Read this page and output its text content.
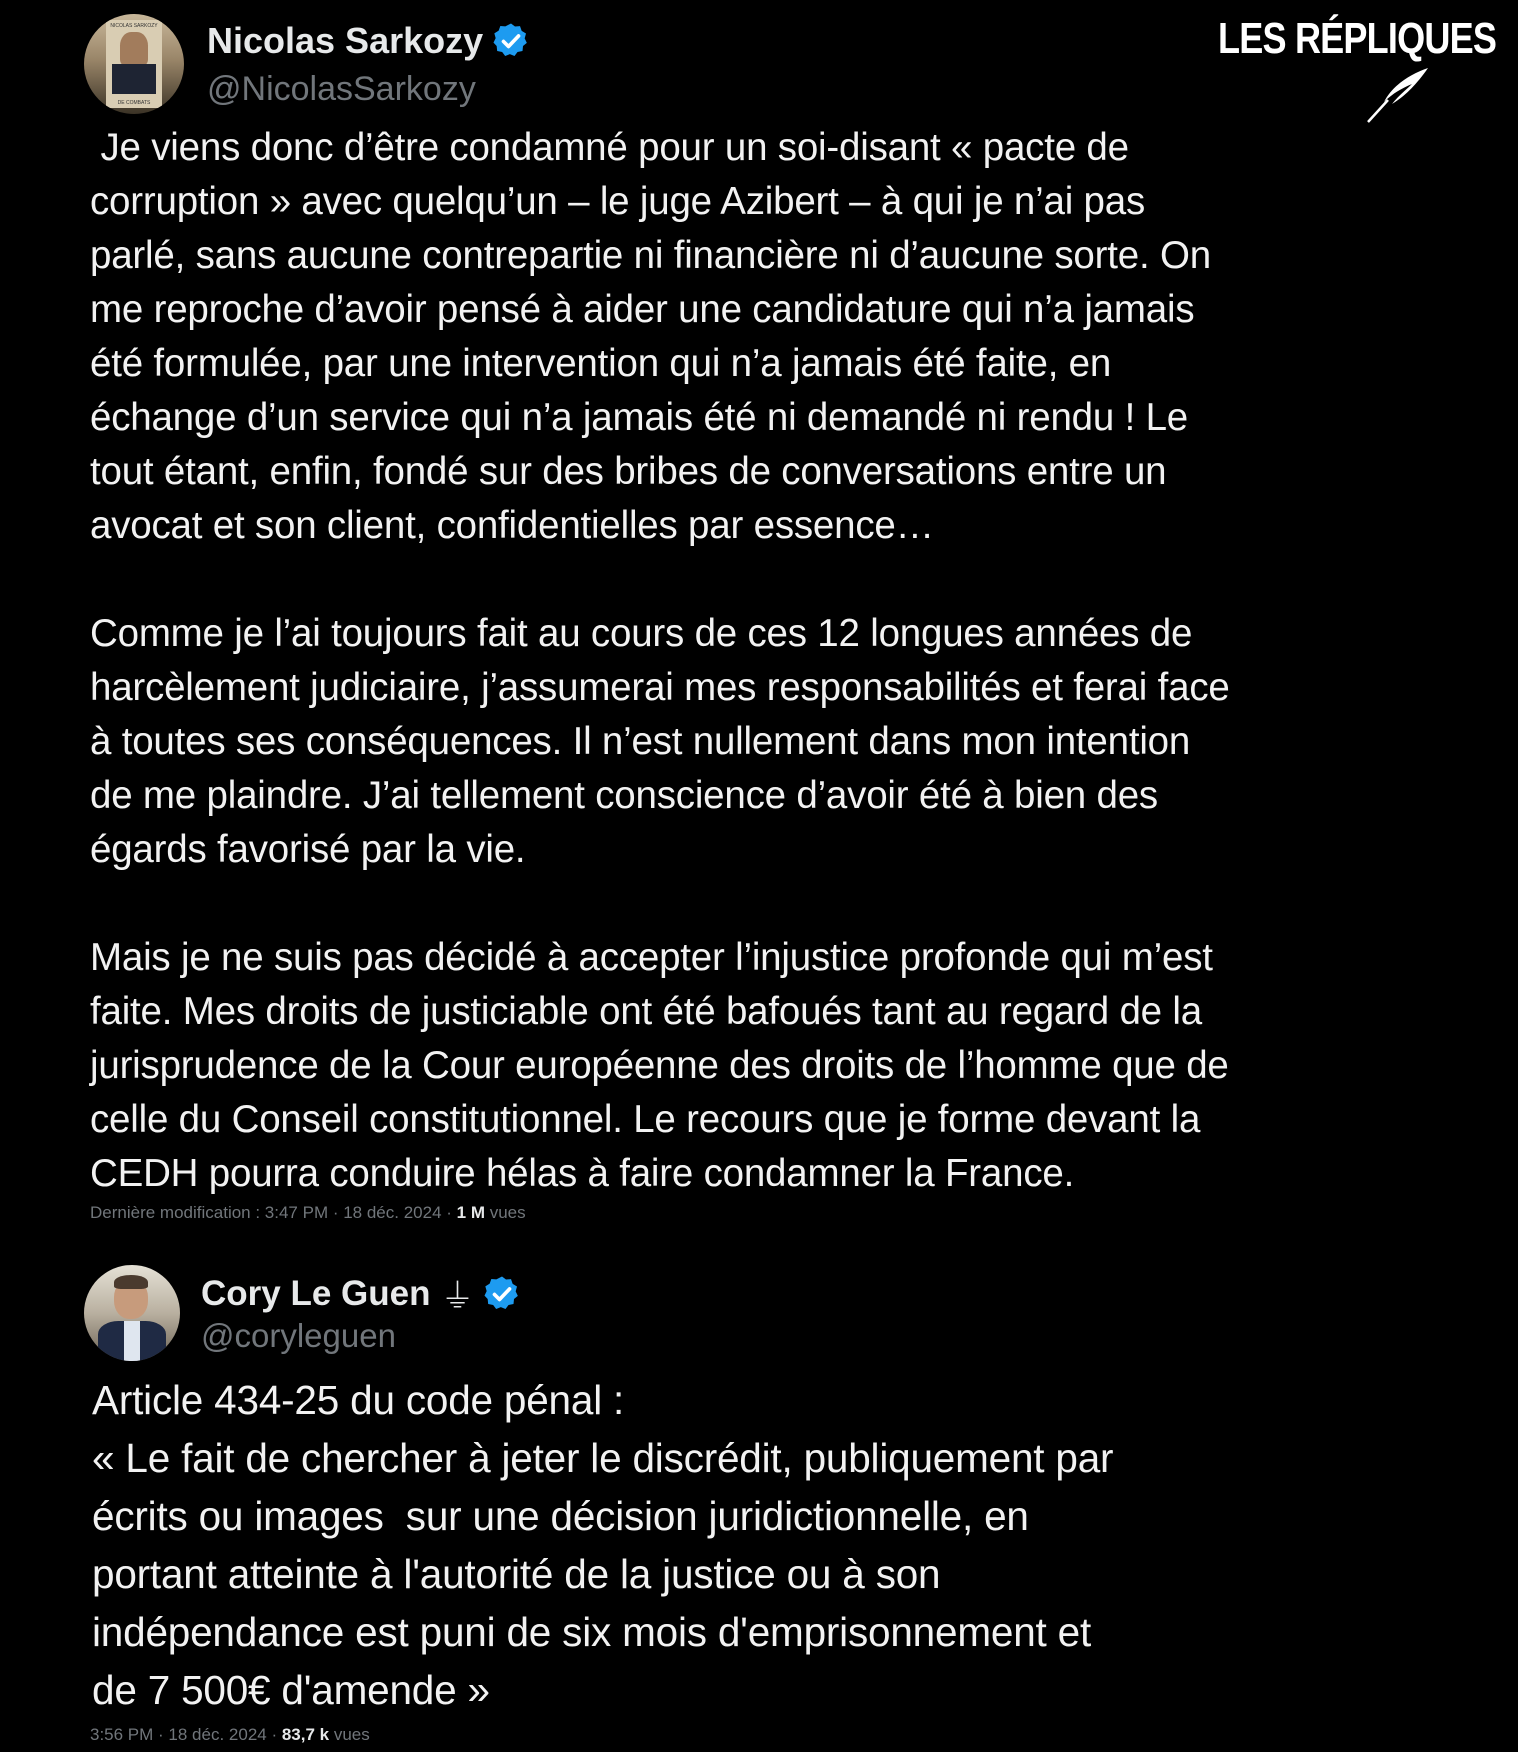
LES RÉPLIQUES
NICOLAS SARKOZY
DE COMBATS
Nicolas Sarkozy
@NicolasSarkozy
Je viens donc d’être condamné pour un soi-disant « pacte de
corruption » avec quelqu’un – le juge Azibert – à qui je n’ai pas
parlé, sans aucune contrepartie ni financière ni d’aucune sorte. On
me reproche d’avoir pensé à aider une candidature qui n’a jamais
été formulée, par une intervention qui n’a jamais été faite, en
échange d’un service qui n’a jamais été ni demandé ni rendu ! Le
tout étant, enfin, fondé sur des bribes de conversations entre un
avocat et son client, confidentielles par essence…

Comme je l’ai toujours fait au cours de ces 12 longues années de
harcèlement judiciaire, j’assumerai mes responsabilités et ferai face
à toutes ses conséquences. Il n’est nullement dans mon intention
de me plaindre. J’ai tellement conscience d’avoir été à bien des
égards favorisé par la vie.

Mais je ne suis pas décidé à accepter l’injustice profonde qui m’est
faite. Mes droits de justiciable ont été bafoués tant au regard de la
jurisprudence de la Cour européenne des droits de l’homme que de
celle du Conseil constitutionnel. Le recours que je forme devant la
CEDH pourra conduire hélas à faire condamner la France.
Dernière modification : 3:47 PM · 18 déc. 2024 · 1 M vues
Cory Le Guen ⏚
@coryleguen
Article 434-25 du code pénal :
« Le fait de chercher à jeter le discrédit, publiquement par
écrits ou images  sur une décision juridictionnelle, en
portant atteinte à l'autorité de la justice ou à son
indépendance est puni de six mois d'emprisonnement et
de 7 500€ d'amende »
3:56 PM · 18 déc. 2024 · 83,7 k vues
